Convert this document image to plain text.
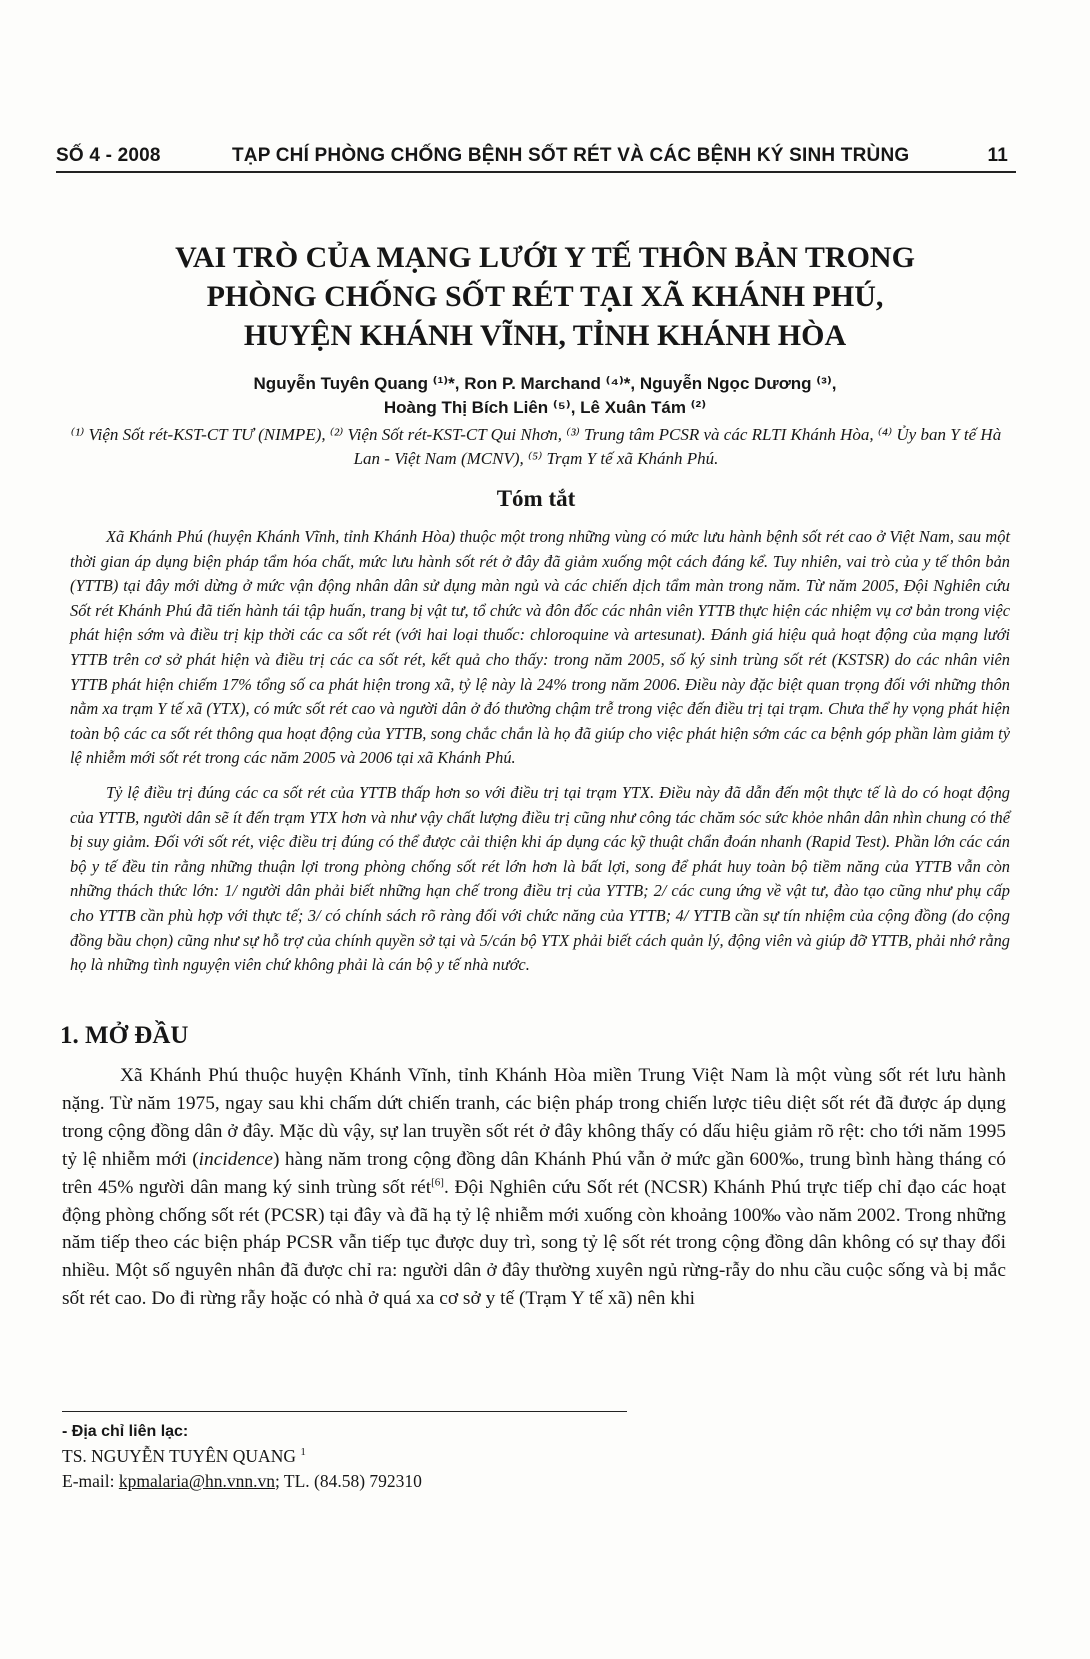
SỐ 4 - 2008	TẠP CHÍ PHÒNG CHỐNG BỆNH SỐT RÉT VÀ CÁC BỆNH KÝ SINH TRÙNG	11
VAI TRÒ CỦA MẠNG LƯỚI Y TẾ THÔN BẢN TRONG
PHÒNG CHỐNG SỐT RÉT TẠI XÃ KHÁNH PHÚ,
HUYỆN KHÁNH VĨNH, TỈNH KHÁNH HÒA
Nguyễn Tuyên Quang ⁽¹⁾*, Ron P. Marchand ⁽⁴⁾*, Nguyễn Ngọc Dương ⁽³⁾,
Hoàng Thị Bích Liên ⁽⁵⁾, Lê Xuân Tám ⁽²⁾
⁽¹⁾ Viện Sốt rét-KST-CT TƯ (NIMPE), ⁽²⁾ Viện Sốt rét-KST-CT Qui Nhơn, ⁽³⁾ Trung tâm PCSR và các RLTI Khánh Hòa, ⁽⁴⁾ Ủy ban Y tế Hà Lan - Việt Nam (MCNV), ⁽⁵⁾ Trạm Y tế xã Khánh Phú.
Tóm tắt

Xã Khánh Phú (huyện Khánh Vĩnh, tỉnh Khánh Hòa) thuộc một trong những vùng có mức lưu hành bệnh sốt rét cao ở Việt Nam, sau một thời gian áp dụng biện pháp tẩm hóa chất, mức lưu hành sốt rét ở đây đã giảm xuống một cách đáng kể. Tuy nhiên, vai trò của y tế thôn bản (YTTB) tại đây mới dừng ở mức vận động nhân dân sử dụng màn ngủ và các chiến dịch tẩm màn trong năm. Từ năm 2005, Đội Nghiên cứu Sốt rét Khánh Phú đã tiến hành tái tập huấn, trang bị vật tư, tổ chức và đôn đốc các nhân viên YTTB thực hiện các nhiệm vụ cơ bản trong việc phát hiện sớm và điều trị kịp thời các ca sốt rét (với hai loại thuốc: chloroquine và artesunat). Đánh giá hiệu quả hoạt động của mạng lưới YTTB trên cơ sở phát hiện và điều trị các ca sốt rét, kết quả cho thấy: trong năm 2005, số ký sinh trùng sốt rét (KSTSR) do các nhân viên YTTB phát hiện chiếm 17% tổng số ca phát hiện trong xã, tỷ lệ này là 24% trong năm 2006. Điều này đặc biệt quan trọng đối với những thôn nằm xa trạm Y tế xã (YTX), có mức sốt rét cao và người dân ở đó thường chậm trễ trong việc đến điều trị tại trạm. Chưa thể hy vọng phát hiện toàn bộ các ca sốt rét thông qua hoạt động của YTTB, song chắc chắn là họ đã giúp cho việc phát hiện sớm các ca bệnh góp phần làm giảm tỷ lệ nhiễm mới sốt rét trong các năm 2005 và 2006 tại xã Khánh Phú.

Tỷ lệ điều trị đúng các ca sốt rét của YTTB thấp hơn so với điều trị tại trạm YTX. Điều này đã dẫn đến một thực tế là do có hoạt động của YTTB, người dân sẽ ít đến trạm YTX hơn và như vậy chất lượng điều trị cũng như công tác chăm sóc sức khỏe nhân dân nhìn chung có thể bị suy giảm. Đối với sốt rét, việc điều trị đúng có thể được cải thiện khi áp dụng các kỹ thuật chẩn đoán nhanh (Rapid Test). Phần lớn các cán bộ y tế đều tin rằng những thuận lợi trong phòng chống sốt rét lớn hơn là bất lợi, song để phát huy toàn bộ tiềm năng của YTTB vẫn còn những thách thức lớn: 1/ người dân phải biết những hạn chế trong điều trị của YTTB; 2/ các cung ứng về vật tư, đào tạo cũng như phụ cấp cho YTTB cần phù hợp với thực tế; 3/ có chính sách rõ ràng đối với chức năng của YTTB; 4/ YTTB cần sự tín nhiệm của cộng đồng (do cộng đồng bầu chọn) cũng như sự hỗ trợ của chính quyền sở tại và 5/cán bộ YTX phải biết cách quản lý, động viên và giúp đỡ YTTB, phải nhớ rằng họ là những tình nguyện viên chứ không phải là cán bộ y tế nhà nước.

1. MỞ ĐẦU

Xã Khánh Phú thuộc huyện Khánh Vĩnh, tỉnh Khánh Hòa miền Trung Việt Nam là một vùng sốt rét lưu hành nặng. Từ năm 1975, ngay sau khi chấm dứt chiến tranh, các biện pháp trong chiến lược tiêu diệt sốt rét đã được áp dụng trong cộng đồng dân ở đây. Mặc dù vậy, sự lan truyền sốt rét ở đây không thấy có dấu hiệu giảm rõ rệt: cho tới năm 1995 tỷ lệ nhiễm mới (incidence) hàng năm trong cộng đồng dân Khánh Phú vẫn ở mức gần 600‰, trung bình hàng tháng có trên 45% người dân mang ký sinh trùng sốt rét[6]. Đội Nghiên cứu Sốt rét (NCSR) Khánh Phú trực tiếp chỉ đạo các hoạt động phòng chống sốt rét (PCSR) tại đây và đã hạ tỷ lệ nhiễm mới xuống còn khoảng 100‰ vào năm 2002. Trong những năm tiếp theo các biện pháp PCSR vẫn tiếp tục được duy trì, song tỷ lệ sốt rét trong cộng đồng dân không có sự thay đổi nhiều. Một số nguyên nhân đã được chỉ ra: người dân ở đây thường xuyên ngủ rừng-rẫy do nhu cầu cuộc sống và bị mắc sốt rét cao. Do đi rừng rẫy hoặc có nhà ở quá xa cơ sở y tế (Trạm Y tế xã) nên khi

- Địa chỉ liên lạc:
TS. NGUYỄN TUYÊN QUANG $^1$
E-mail: kpmalaria@hn.vnn.vn; TL. (84.58) 792310
